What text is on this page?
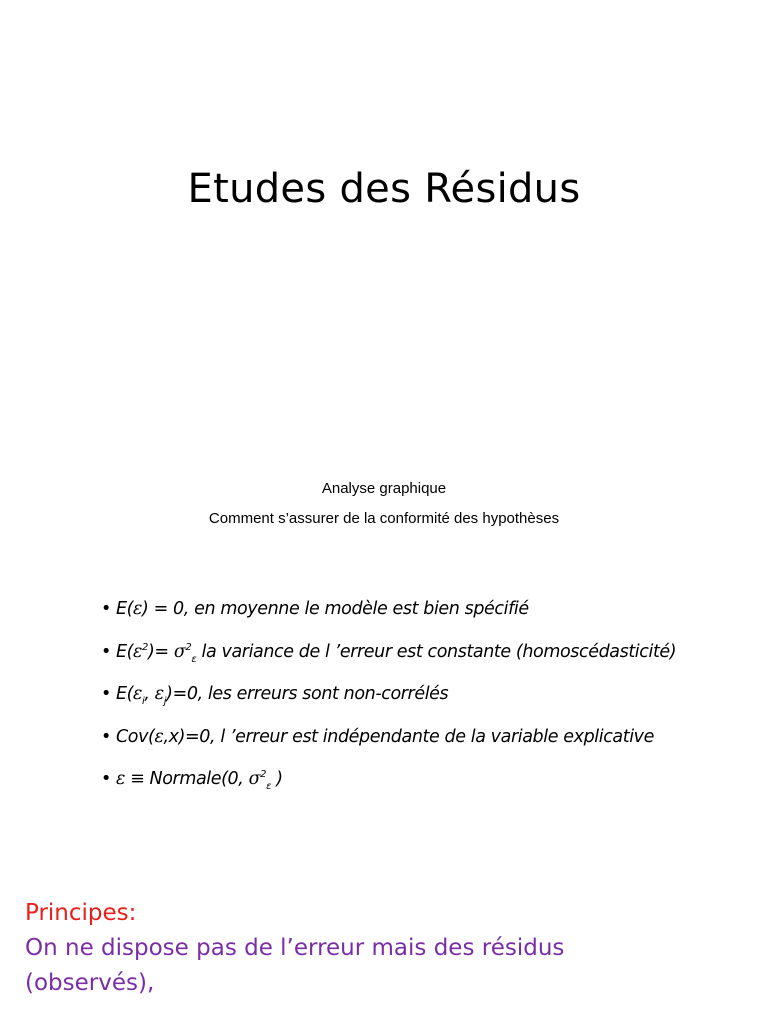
Etudes des Résidus
Analyse graphique
Comment s’assurer de la conformité des hypothèses
• E(ε) = 0, en moyenne le modèle est bien spécifié
• $E(\varepsilon^2)= \sigma^2_\varepsilon$ la variance de l ’erreur est constante (homoscédasticité)
• $E(\varepsilon_i$, $\varepsilon_j)=0$, les erreurs sont non-corrélés
• Cov(ε,x)=0, l ’erreur est indépendante de la variable explicative
• ε ≡ Normale(0, $\sigma^2_\varepsilon$ )
Principes:
On ne dispose pas de l’erreur mais des résidus
(observés),
